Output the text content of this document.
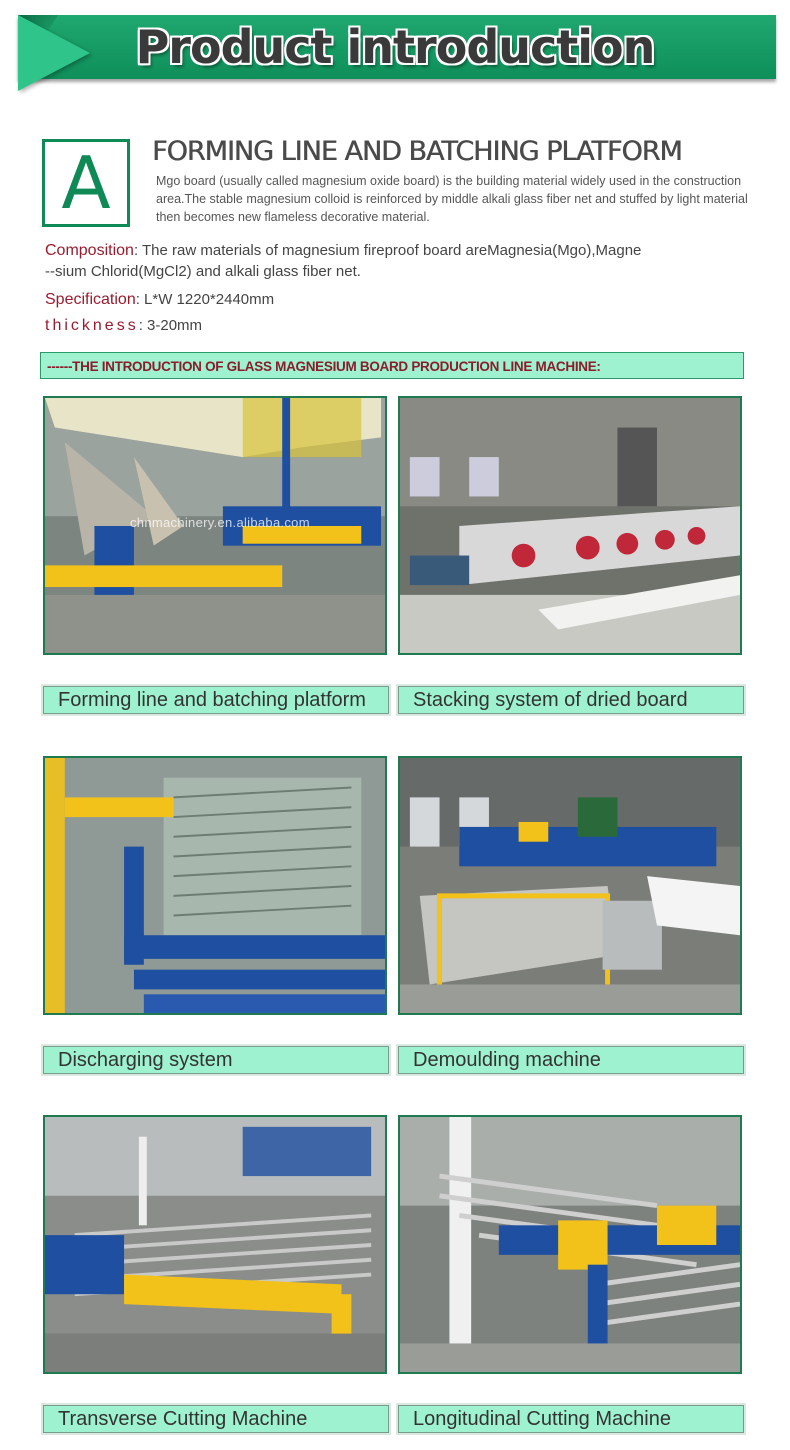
Product introduction
A	FORMING LINE AND BATCHING PLATFORM
Mgo board (usually called magnesium oxide board) is the building material widely used in the construction area.The stable magnesium colloid is reinforced by middle alkali glass fiber net and stuffed by light material then becomes new flameless decorative material.
Composition: The raw materials of magnesium fireproof board areMagnesia(Mgo),Magne
--sium Chlorid(MgCl2) and alkali glass fiber net.
Specification: L*W 1220*2440mm
thickness: 3-20mm
------THE INTRODUCTION OF GLASS MAGNESIUM BOARD PRODUCTION LINE MACHINE:
chnmachinery.en.alibaba.com
Forming line and batching platform	Stacking system of dried board
Discharging system	Demoulding machine
Transverse Cutting Machine	Longitudinal Cutting Machine
